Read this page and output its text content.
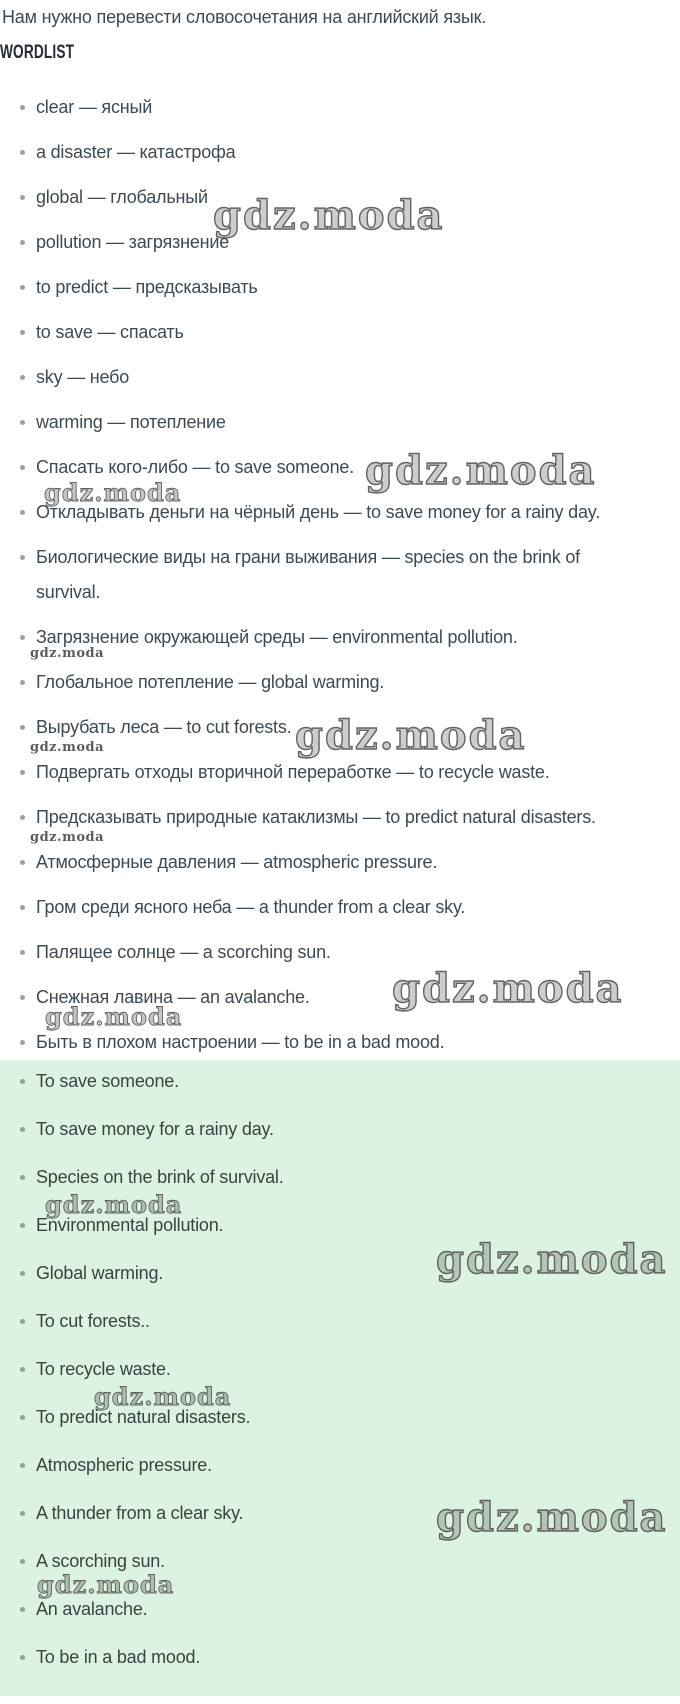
Нам нужно перевести словосочетания на английский язык.
WORDLIST
clear — ясный
a disaster — катастрофа
global — глобальный
pollution — загрязнение
to predict — предсказывать
to save — спасать
sky — небо
warming — потепление
Спасать кого-либо — to save someone.
Откладывать деньги на чёрный день — to save money for a rainy day.
Биологические виды на грани выживания — species on the brink of survival.
Загрязнение окружающей среды — environmental pollution.
Глобальное потепление — global warming.
Вырубать леса — to cut forests.
Подвергать отходы вторичной переработке — to recycle waste.
Предсказывать природные катаклизмы — to predict natural disasters.
Атмосферные давления — atmospheric pressure.
Гром среди ясного неба — a thunder from a clear sky.
Палящее солнце — a scorching sun.
Снежная лавина — an avalanche.
Быть в плохом настроении — to be in a bad mood.
To save someone.
To save money for a rainy day.
Species on the brink of survival.
Environmental pollution.
Global warming.
To cut forests..
To recycle waste.
To predict natural disasters.
Atmospheric pressure.
A thunder from a clear sky.
A scorching sun.
An avalanche.
To be in a bad mood.
gdz.moda
gdz.moda
gdz.moda
gdz.moda
gdz.moda
gdz.moda
gdz.moda
gdz.moda
gdz.moda
gdz.moda
gdz.moda
gdz.moda
gdz.moda
gdz.moda
